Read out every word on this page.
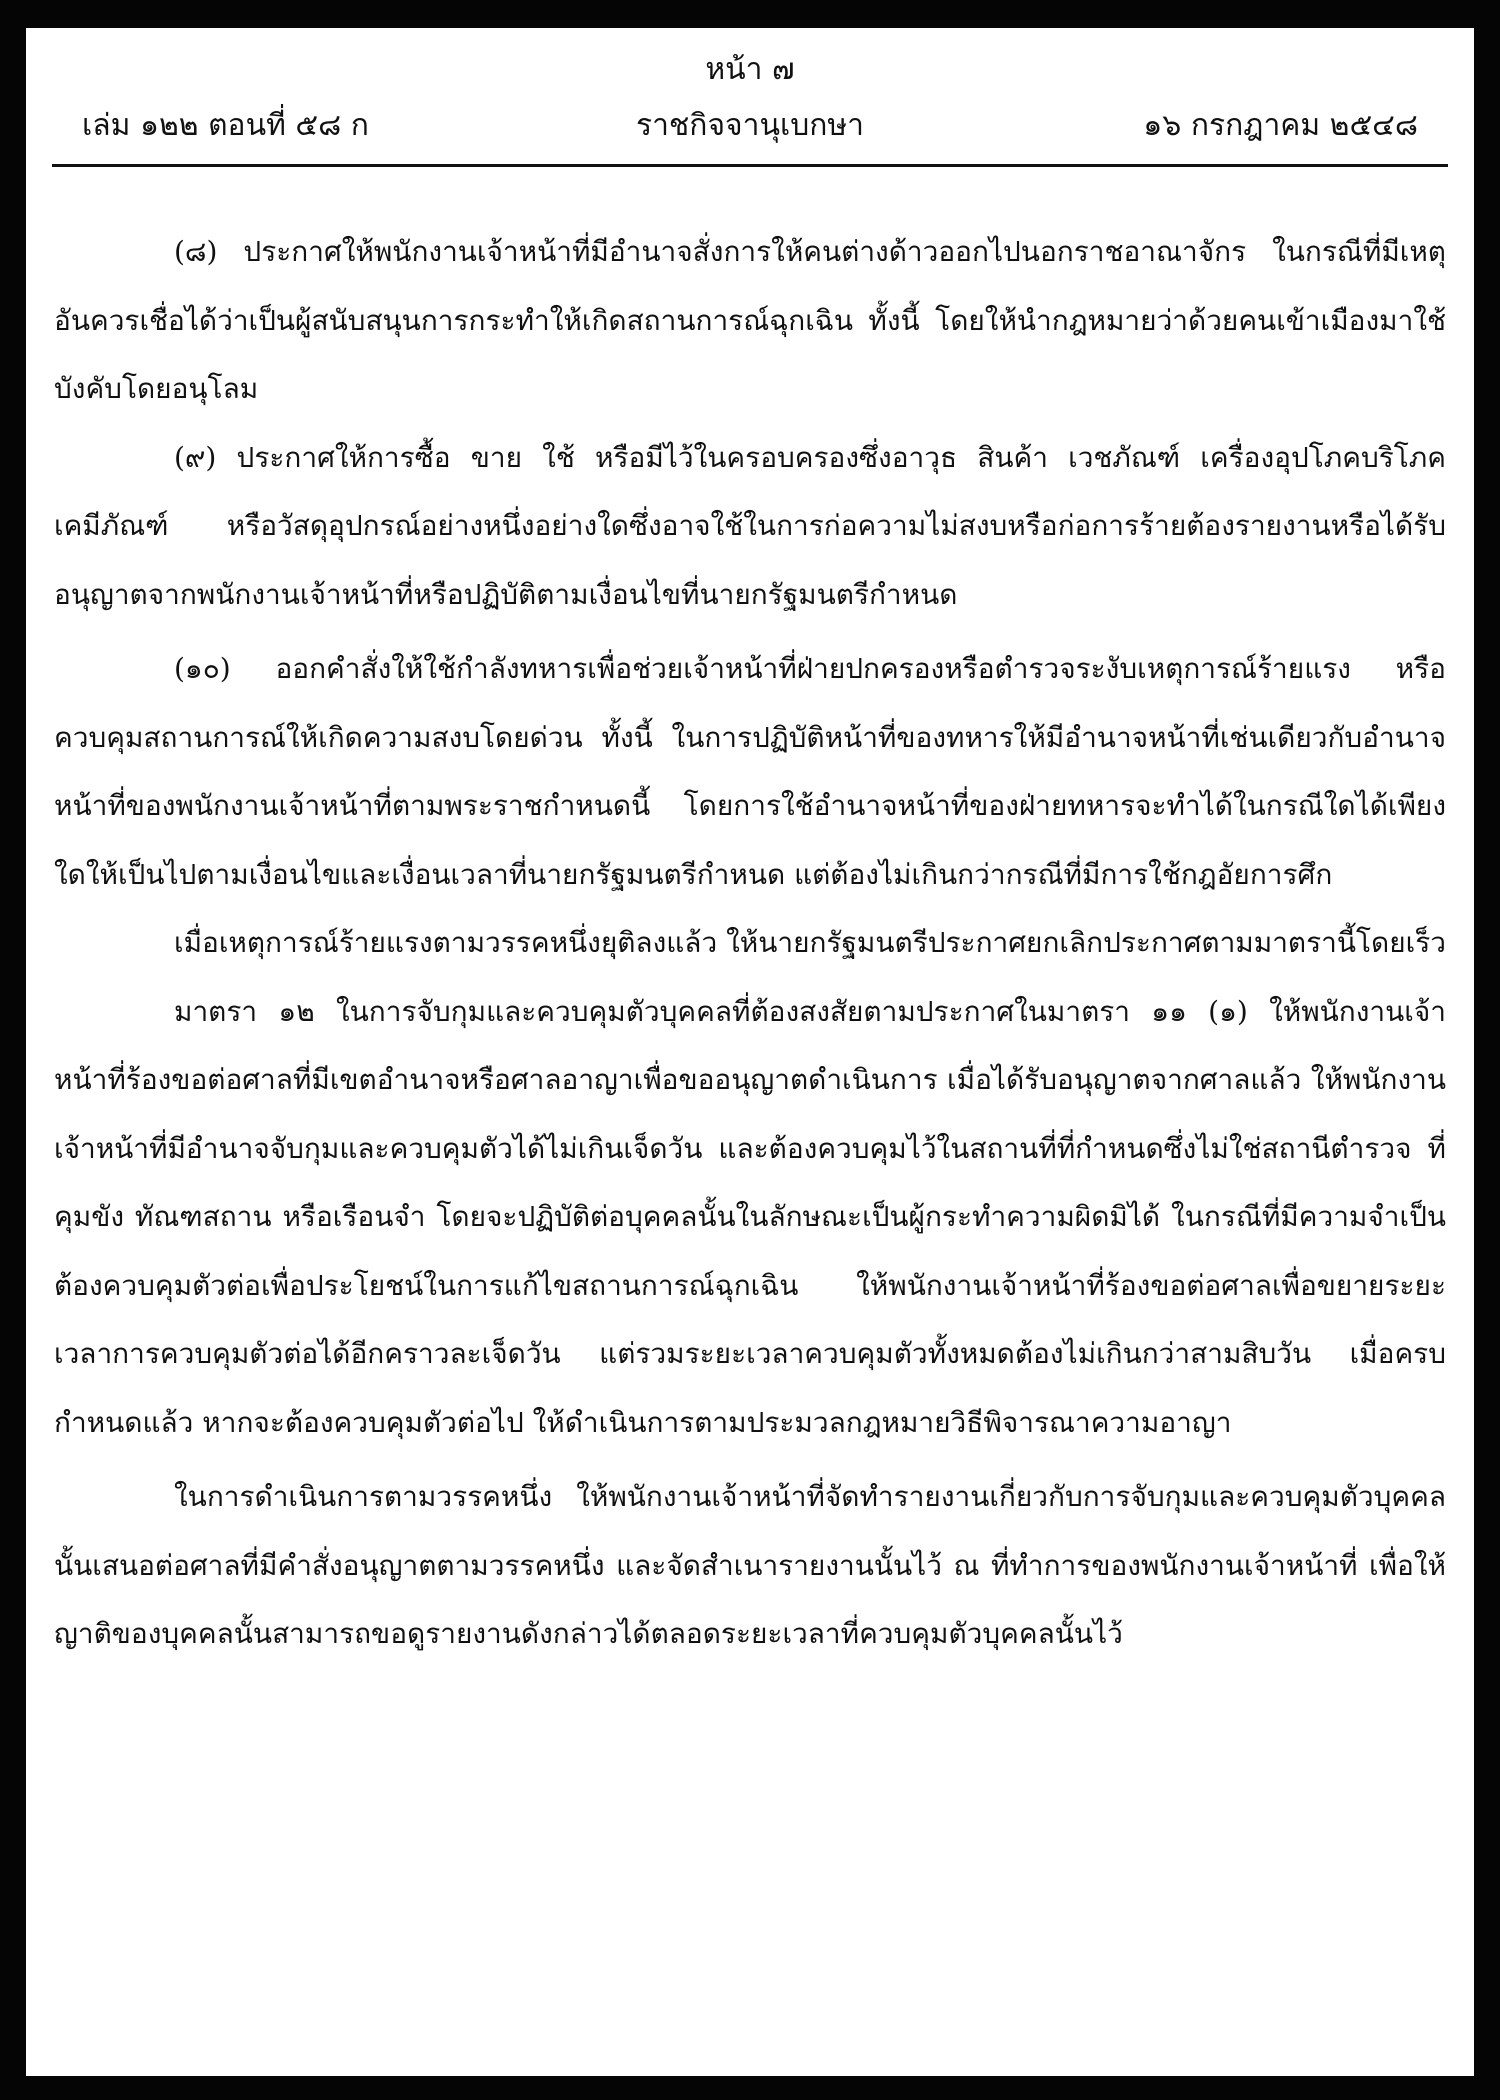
หน้า ๗
เล่ม ๑๒๒ ตอนที่ ๕๘ ก	ราชกิจจานุเบกษา	๑๖ กรกฎาคม ๒๕๔๘

(๘) ประกาศให้พนักงานเจ้าหน้าที่มีอำนาจสั่งการให้คนต่างด้าวออกไปนอกราชอาณาจักร ในกรณีที่มีเหตุอันควรเชื่อได้ว่าเป็นผู้สนับสนุนการกระทำให้เกิดสถานการณ์ฉุกเฉิน ทั้งนี้ โดยให้นำกฎหมายว่าด้วยคนเข้าเมืองมาใช้บังคับโดยอนุโลม

(๙) ประกาศให้การซื้อ ขาย ใช้ หรือมีไว้ในครอบครองซึ่งอาวุธ สินค้า เวชภัณฑ์ เครื่องอุปโภคบริโภค เคมีภัณฑ์ หรือวัสดุอุปกรณ์อย่างหนึ่งอย่างใดซึ่งอาจใช้ในการก่อความไม่สงบหรือก่อการร้ายต้องรายงานหรือได้รับอนุญาตจากพนักงานเจ้าหน้าที่หรือปฏิบัติตามเงื่อนไขที่นายกรัฐมนตรีกำหนด

(๑๐) ออกคำสั่งให้ใช้กำลังทหารเพื่อช่วยเจ้าหน้าที่ฝ่ายปกครองหรือตำรวจระงับเหตุการณ์ร้ายแรง หรือควบคุมสถานการณ์ให้เกิดความสงบโดยด่วน ทั้งนี้ ในการปฏิบัติหน้าที่ของทหารให้มีอำนาจหน้าที่เช่นเดียวกับอำนาจหน้าที่ของพนักงานเจ้าหน้าที่ตามพระราชกำหนดนี้ โดยการใช้อำนาจหน้าที่ของฝ่ายทหารจะทำได้ในกรณีใดได้เพียงใดให้เป็นไปตามเงื่อนไขและเงื่อนเวลาที่นายกรัฐมนตรีกำหนด แต่ต้องไม่เกินกว่ากรณีที่มีการใช้กฎอัยการศึก

เมื่อเหตุการณ์ร้ายแรงตามวรรคหนึ่งยุติลงแล้ว ให้นายกรัฐมนตรีประกาศยกเลิกประกาศตามมาตรานี้โดยเร็ว

มาตรา ๑๒ ในการจับกุมและควบคุมตัวบุคคลที่ต้องสงสัยตามประกาศในมาตรา ๑๑ (๑) ให้พนักงานเจ้าหน้าที่ร้องขอต่อศาลที่มีเขตอำนาจหรือศาลอาญาเพื่อขออนุญาตดำเนินการ เมื่อได้รับอนุญาตจากศาลแล้ว ให้พนักงานเจ้าหน้าที่มีอำนาจจับกุมและควบคุมตัวได้ไม่เกินเจ็ดวัน และต้องควบคุมไว้ในสถานที่ที่กำหนดซึ่งไม่ใช่สถานีตำรวจ ที่คุมขัง ทัณฑสถาน หรือเรือนจำ โดยจะปฏิบัติต่อบุคคลนั้นในลักษณะเป็นผู้กระทำความผิดมิได้ ในกรณีที่มีความจำเป็นต้องควบคุมตัวต่อเพื่อประโยชน์ในการแก้ไขสถานการณ์ฉุกเฉิน ให้พนักงานเจ้าหน้าที่ร้องขอต่อศาลเพื่อขยายระยะเวลาการควบคุมตัวต่อได้อีกคราวละเจ็ดวัน แต่รวมระยะเวลาควบคุมตัวทั้งหมดต้องไม่เกินกว่าสามสิบวัน เมื่อครบกำหนดแล้ว หากจะต้องควบคุมตัวต่อไป ให้ดำเนินการตามประมวลกฎหมายวิธีพิจารณาความอาญา

ในการดำเนินการตามวรรคหนึ่ง ให้พนักงานเจ้าหน้าที่จัดทำรายงานเกี่ยวกับการจับกุมและควบคุมตัวบุคคลนั้นเสนอต่อศาลที่มีคำสั่งอนุญาตตามวรรคหนึ่ง และจัดสำเนารายงานนั้นไว้ ณ ที่ทำการของพนักงานเจ้าหน้าที่ เพื่อให้ญาติของบุคคลนั้นสามารถขอดูรายงานดังกล่าวได้ตลอดระยะเวลาที่ควบคุมตัวบุคคลนั้นไว้
